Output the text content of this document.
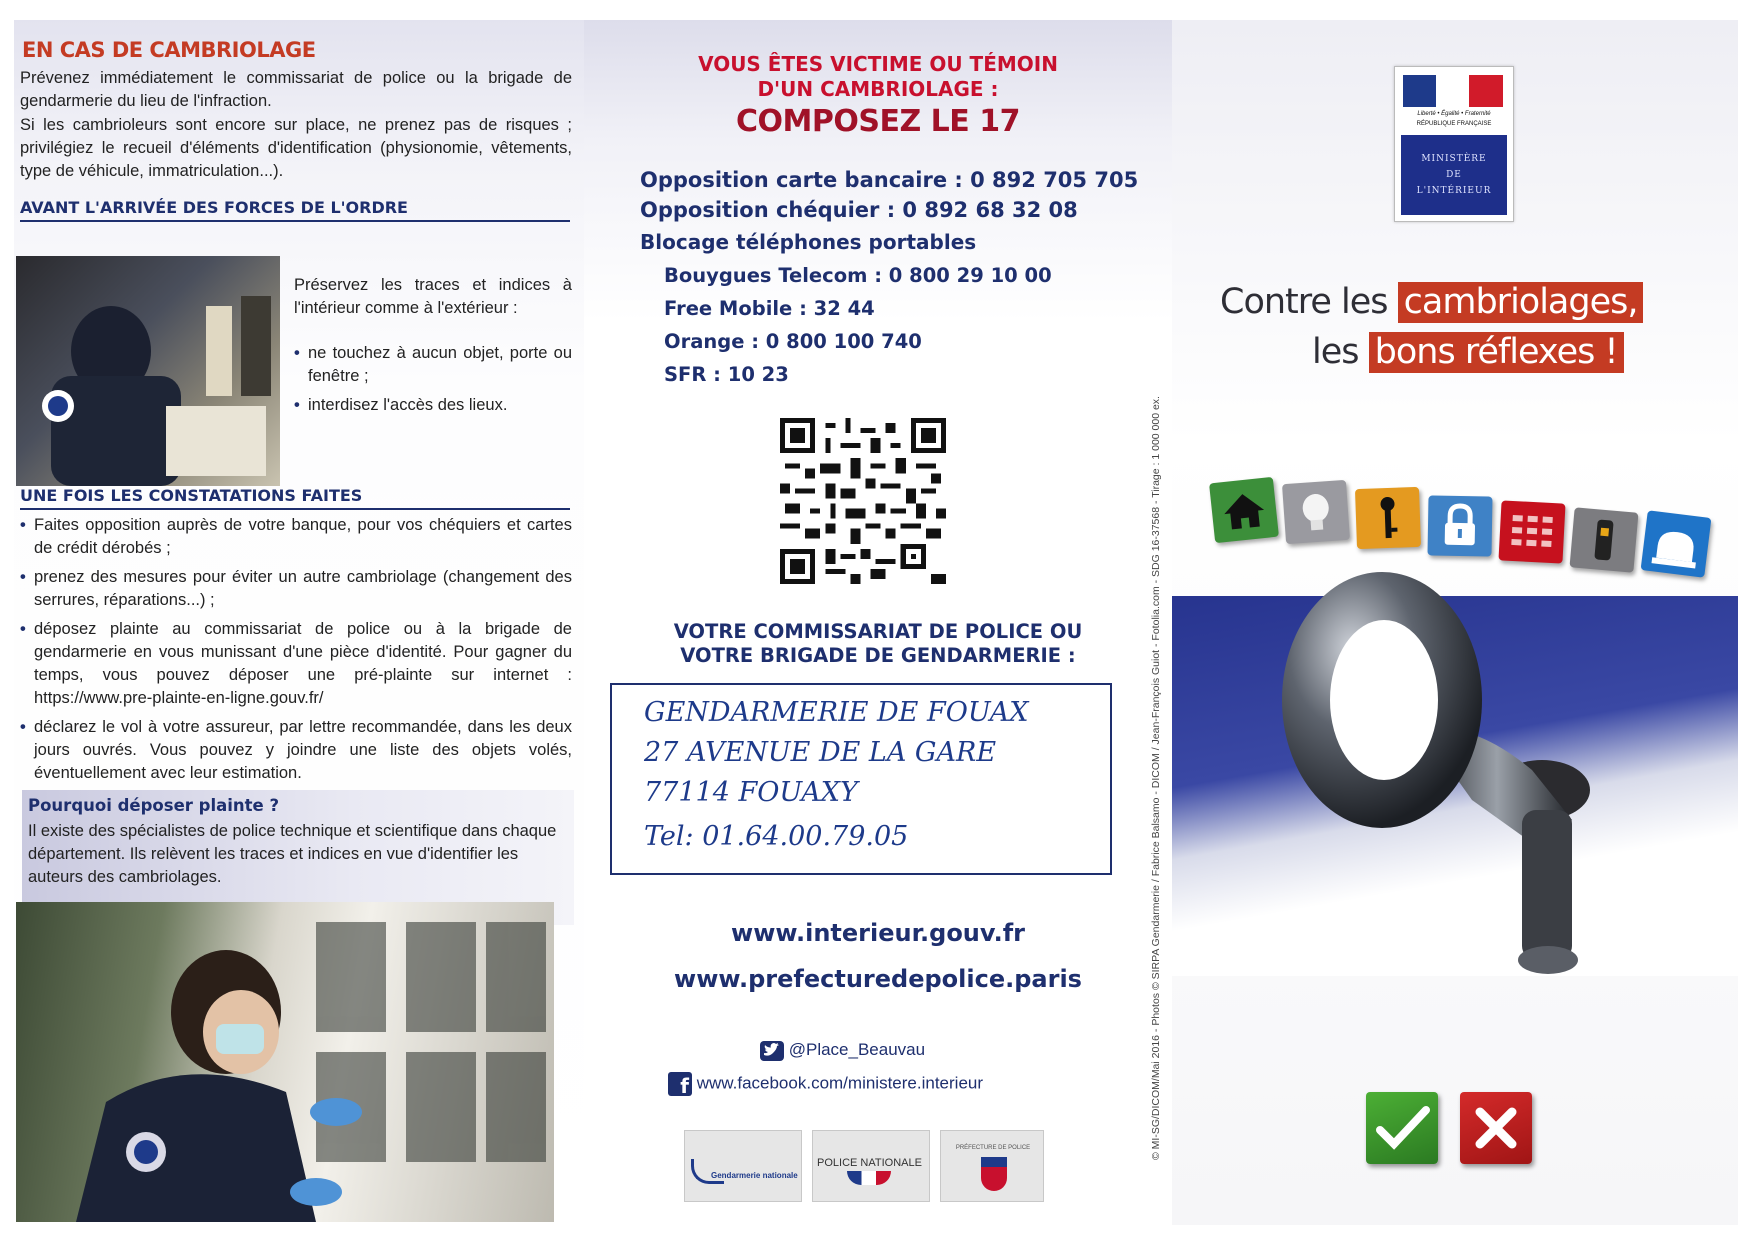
EN CAS DE CAMBRIOLAGE

Prévenez immédiatement le commissariat de police ou la brigade de gendarmerie du lieu de l'infraction.

Si les cambrioleurs sont encore sur place, ne prenez pas de risques ; privilégiez le recueil d'éléments d'identification (physionomie, vêtements, type de véhicule, immatriculation...).

AVANT L'ARRIVÉE DES FORCES DE L'ORDRE

Préservez les traces et indices à l'intérieur comme à l'extérieur :

• ne touchez à aucun objet, porte ou fenêtre ;
• interdisez l'accès des lieux.
UNE FOIS LES CONSTATATIONS FAITES
• Faites opposition auprès de votre banque, pour vos chéquiers et cartes de crédit dérobés ;
• prenez des mesures pour éviter un autre cambriolage (changement des serrures, réparations...) ;
• déposez plainte au commissariat de police ou à la brigade de gendarmerie en vous munissant d'une pièce d'identité. Pour gagner du temps, vous pouvez déposer une pré-plainte sur internet : https://www.pre-plainte-en-ligne.gouv.fr/
• déclarez le vol à votre assureur, par lettre recommandée, dans les deux jours ouvrés. Vous pouvez y joindre une liste des objets volés, éventuellement avec leur estimation.
Pourquoi déposer plainte ?
Il existe des spécialistes de police technique et scientifique dans chaque département. Ils relèvent les traces et indices en vue d'identifier les auteurs des cambriolages.
VOUS ÊTES VICTIME OU TÉMOIN
D'UN CAMBRIOLAGE :
COMPOSEZ LE 17
Opposition carte bancaire : 0 892 705 705
Opposition chéquier : 0 892 68 32 08
Blocage téléphones portables
Bouygues Telecom : 0 800 29 10 00
Free Mobile : 32 44
Orange : 0 800 100 740
SFR : 10 23
VOTRE COMMISSARIAT DE POLICE OU
VOTRE BRIGADE DE GENDARMERIE :
GENDARMERIE DE FOUAX
27 AVENUE DE LA GARE
77114 FOUAXY
Tel: 01.64.00.79.05
www.interieur.gouv.fr
www.prefecturedepolice.paris
@Place_Beauvau
f www.facebook.com/ministere.interieur
Gendarmerie nationale
POLICE NATIONALE
PRÉFECTURE DE POLICE	© MI-SG/DICOM/Mai 2016 - Photos © SIRPA Gendarmerie / Fabrice Balsamo - DICOM / Jean-François Guiot - Fotolia.com - SDG 16-37568 - Tirage : 1 000 000 ex.
Liberté • Égalité • Fraternité
RÉPUBLIQUE FRANÇAISE
MINISTÈRE
DE
L'INTÉRIEUR
Contre les cambriolages,
les bons réflexes !
